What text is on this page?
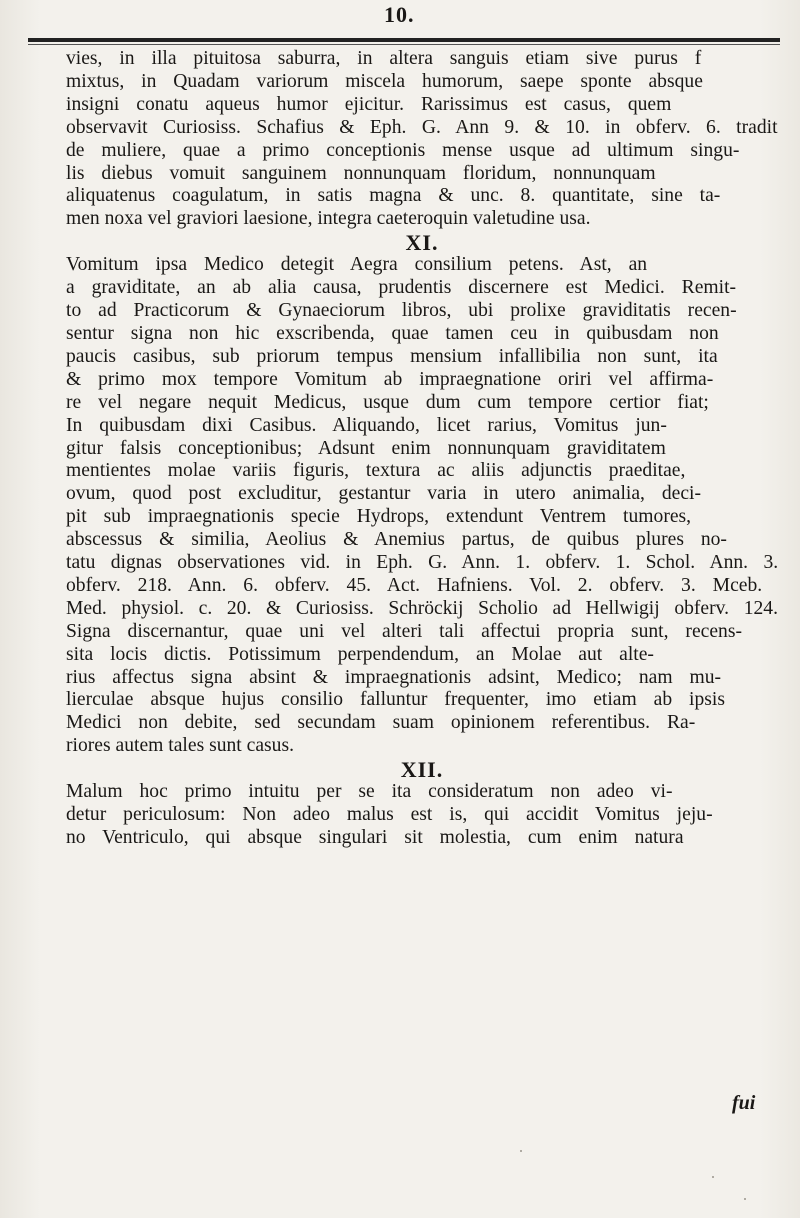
10.
vies, in illa pituitosa saburra, in altera sanguis etiam sive purus f
mixtus, in Quadam variorum miscela humorum, saepe sponte absque
insigni conatu aqueus humor ejicitur. Rarissimus est casus, quem
observavit Curiosiss. Schafius & Eph. G. Ann 9. & 10. in obferv. 6. tradit
de muliere, quae a primo conceptionis mense usque ad ultimum singu-
lis diebus vomuit sanguinem nonnunquam floridum, nonnunquam
aliquatenus coagulatum, in satis magna & unc. 8. quantitate, sine ta-
men noxa vel graviori laesione, integra caeteroquin valetudine usa.
XI.
Vomitum ipsa Medico detegit Aegra consilium petens. Ast, an
a graviditate, an ab alia causa, prudentis discernere est Medici. Remit-
to ad Practicorum & Gynaeciorum libros, ubi prolixe graviditatis recen-
sentur signa non hic exscribenda, quae tamen ceu in quibusdam non
paucis casibus, sub priorum tempus mensium infallibilia non sunt, ita
& primo mox tempore Vomitum ab impraegnatione oriri vel affirma-
re vel negare nequit Medicus, usque dum cum tempore certior fiat;
In quibusdam dixi Casibus. Aliquando, licet rarius, Vomitus jun-
gitur falsis conceptionibus; Adsunt enim nonnunquam graviditatem
mentientes molae variis figuris, textura ac aliis adjunctis praeditae,
ovum, quod post excluditur, gestantur varia in utero animalia, deci-
pit sub impraegnationis specie Hydrops, extendunt Ventrem tumores,
abscessus & similia, Aeolius & Anemius partus, de quibus plures no-
tatu dignas observationes vid. in Eph. G. Ann. 1. obferv. 1. Schol. Ann. 3.
obferv. 218. Ann. 6. obferv. 45. Act. Hafniens. Vol. 2. obferv. 3. Mceb.
Med. physiol. c. 20. & Curiosiss. Schröckij Scholio ad Hellwigij obferv. 124.
Signa discernantur, quae uni vel alteri tali affectui propria sunt, recens-
sita locis dictis. Potissimum perpendendum, an Molae aut alte-
rius affectus signa absint & impraegnationis adsint, Medico; nam mu-
lierculae absque hujus consilio falluntur frequenter, imo etiam ab ipsis
Medici non debite, sed secundam suam opinionem referentibus. Ra-
riores autem tales sunt casus.
XII.
Malum hoc primo intuitu per se ita consideratum non adeo vi-
detur periculosum: Non adeo malus est is, qui accidit Vomitus jeju-
no Ventriculo, qui absque singulari sit molestia, cum enim natura
fui
